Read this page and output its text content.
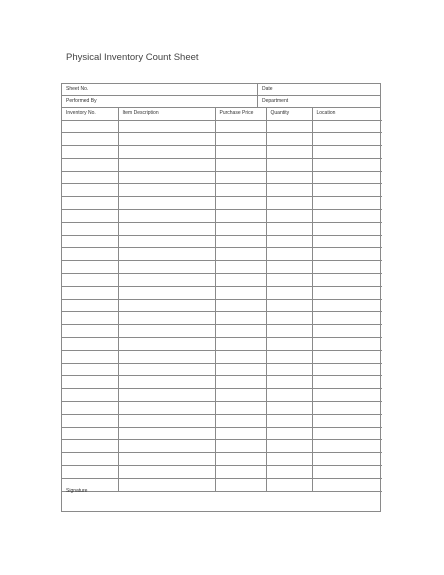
Physical Inventory Count Sheet
Sheet No.	Date
Performed By	Department
Inventory No.	Item Description	Purchase Price	Quantity	Location

Signature
